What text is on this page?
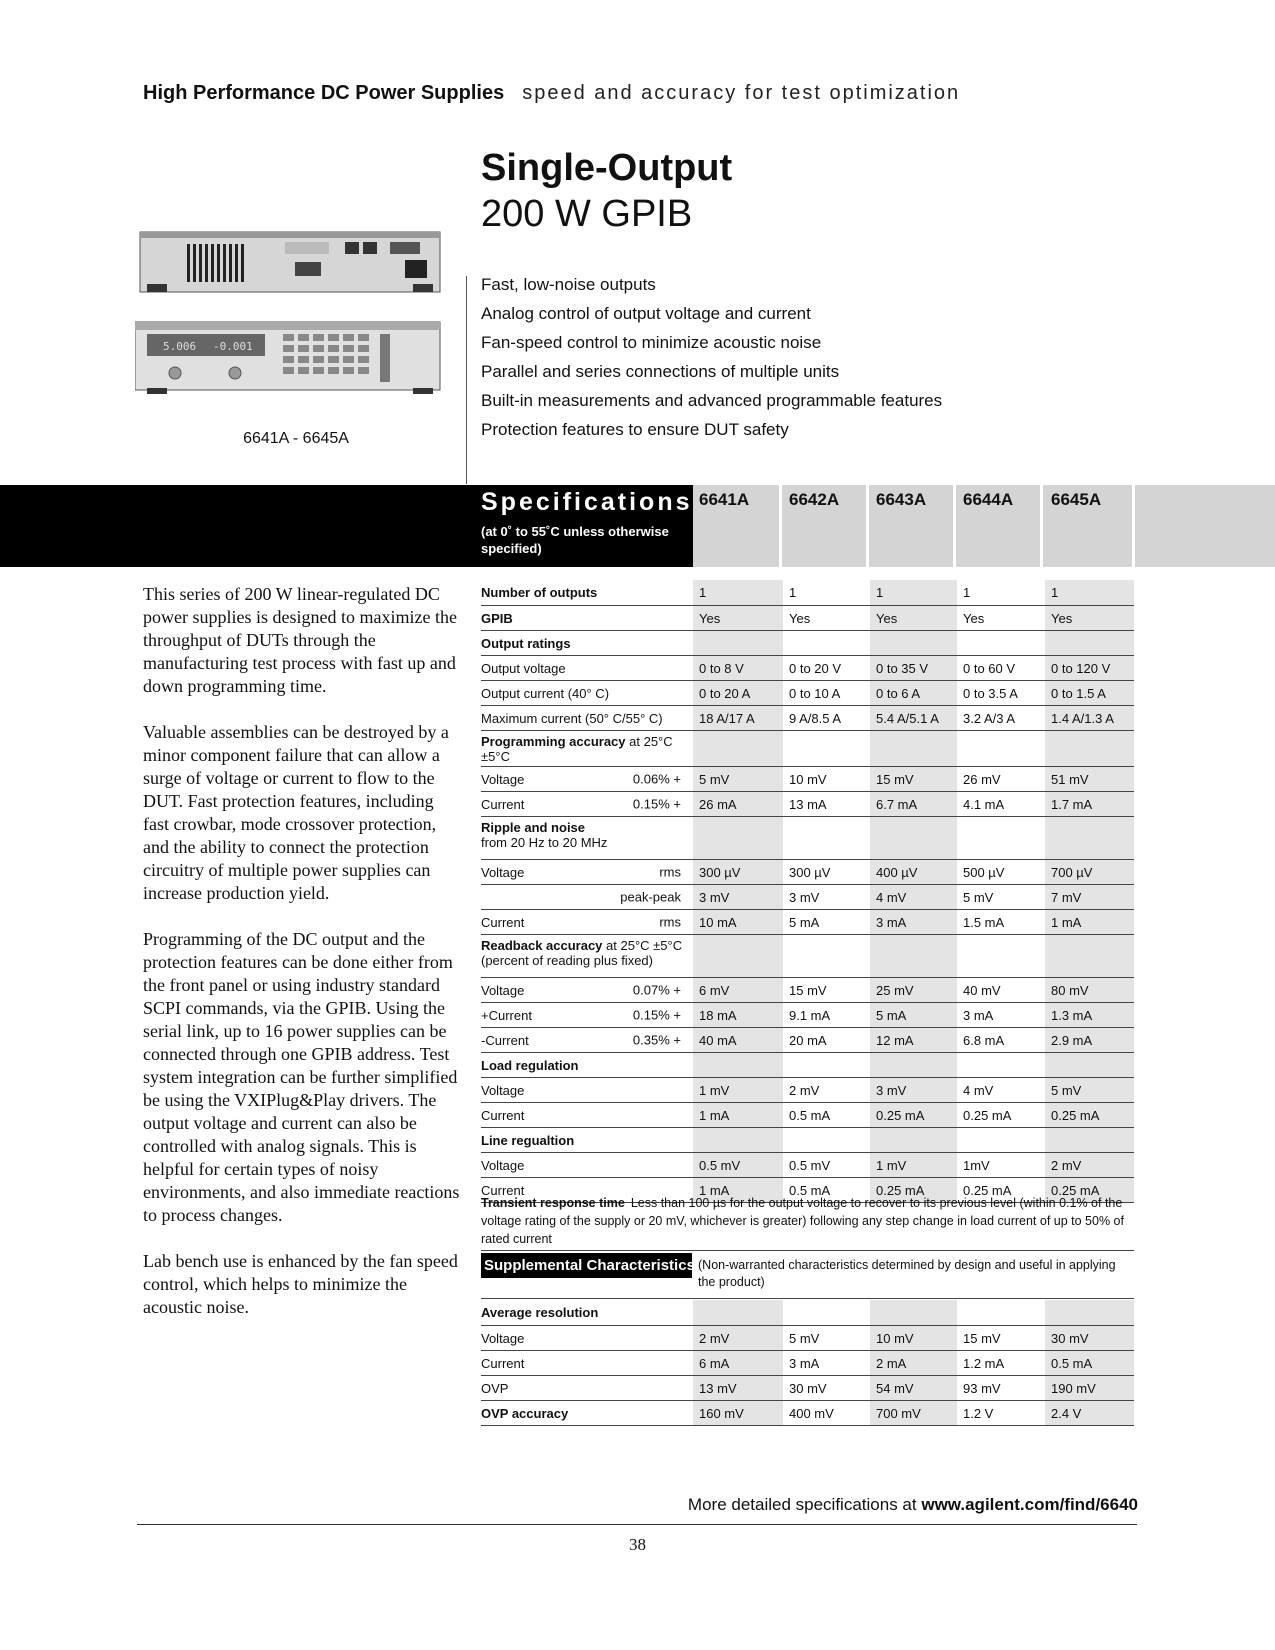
High Performance DC Power Supplies speed and accuracy for test optimization
Single-Output
200 W GPIB
Fast, low-noise outputs
Analog control of output voltage and current
Fan-speed control to minimize acoustic noise
Parallel and series connections of multiple units
Built-in measurements and advanced programmable features
Protection features to ensure DUT safety
5.006 -0.001
6641A - 6645A
Specifications
(at 0˚ to 55˚C unless otherwise specified)
6641A 6642A 6643A 6644A 6645A

This series of 200 W linear-regulated DC power supplies is designed to maximize the throughput of DUTs through the manufacturing test process with fast up and down programming time.

Valuable assemblies can be destroyed by a minor component failure that can allow a surge of voltage or current to flow to the DUT. Fast protection features, including fast crowbar, mode crossover protection, and the ability to connect the protection circuitry of multiple power supplies can increase production yield.

Programming of the DC output and the protection features can be done either from the front panel or using industry standard SCPI commands, via the GPIB. Using the serial link, up to 16 power supplies can be connected through one GPIB address. Test system integration can be further simplified be using the VXIPlug&Play drivers. The output voltage and current can also be controlled with analog signals. This is helpful for certain types of noisy environments, and also immediate reactions to process changes.

Lab bench use is enhanced by the fan speed control, which helps to minimize the acoustic noise.

Number of outputs	1	1	1	1	1
GPIB	Yes	Yes	Yes	Yes	Yes
Output ratings					
Output voltage	0 to 8 V	0 to 20 V	0 to 35 V	0 to 60 V	0 to 120 V
Output current (40° C)	0 to 20 A	0 to 10 A	0 to 6 A	0 to 3.5 A	0 to 1.5 A
Maximum current (50° C/55° C)	18 A/17 A	9 A/8.5 A	5.4 A/5.1 A	3.2 A/3 A	1.4 A/1.3 A
Programming accuracy at 25°C ±5°C					
Voltage 0.06% +	5 mV	10 mV	15 mV	26 mV	51 mV
Current 0.15% +	26 mA	13 mA	6.7 mA	4.1 mA	1.7 mA
Ripple and noise
from 20 Hz to 20 MHz					

Voltage rms	300 µV	300 µV	400 µV	500 µV	700 µV

peak-peak	3 mV	3 mV	4 mV	5 mV	7 mV
Current rms	10 mA	5 mA	3 mA	1.5 mA	1 mA
Readback accuracy at 25°C ±5°C
(percent of reading plus fixed)					

Voltage 0.07% +	6 mV	15 mV	25 mV	40 mV	80 mV
+Current 0.15% +	18 mA	9.1 mA	5 mA	3 mA	1.3 mA
-Current 0.35% +	40 mA	20 mA	12 mA	6.8 mA	2.9 mA
Load regulation					
Voltage	1 mV	2 mV	3 mV	4 mV	5 mV
Current	1 mA	0.5 mA	0.25 mA	0.25 mA	0.25 mA
Line regualtion					
Voltage	0.5 mV	0.5 mV	1 mV	1mV	2 mV
Current	1 mA	0.5 mA	0.25 mA	0.25 mA	0.25 mA
Transient response time Less than 100 µs for the output voltage to recover to its previous level (within 0.1% of the voltage rating of the supply or 20 mV, whichever is greater) following any step change in load current of up to 50% of rated current
Supplemental Characteristics (Non-warranted characteristics determined by design and useful in applying the product)
Average resolution					
Voltage	2 mV	5 mV	10 mV	15 mV	30 mV
Current	6 mA	3 mA	2 mA	1.2 mA	0.5 mA
OVP	13 mV	30 mV	54 mV	93 mV	190 mV
OVP accuracy	160 mV	400 mV	700 mV	1.2 V	2.4 V
More detailed specifications at www.agilent.com/find/6640
38
